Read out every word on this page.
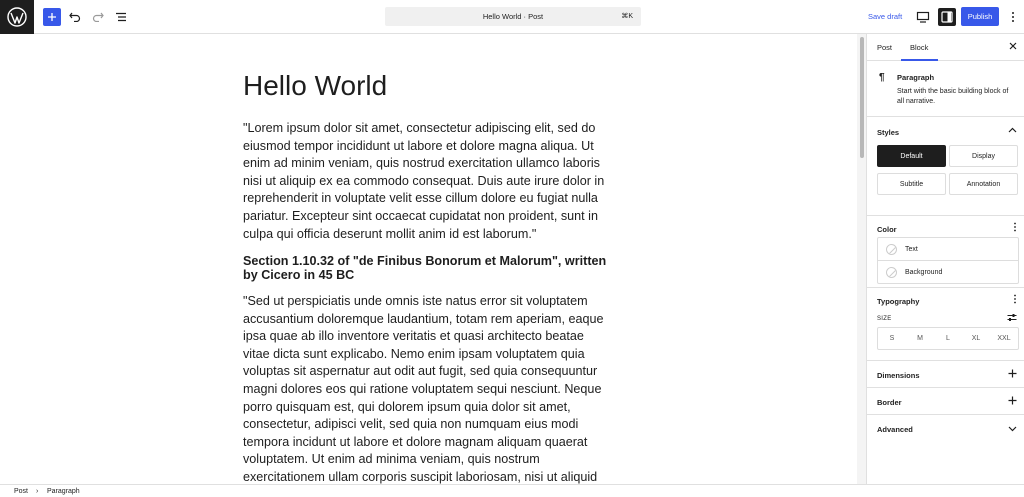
Hello World · Post	⌘K	Save draft	Publish
Hello World

"Lorem ipsum dolor sit amet, consectetur adipiscing elit, sed do eiusmod tempor incididunt ut labore et dolore magna aliqua. Ut enim ad minim veniam, quis nostrud exercitation ullamco laboris nisi ut aliquip ex ea commodo consequat. Duis aute irure dolor in reprehenderit in voluptate velit esse cillum dolore eu fugiat nulla pariatur. Excepteur sint occaecat cupidatat non proident, sunt in culpa qui officia deserunt mollit anim id est laborum."

Section 1.10.32 of "de Finibus Bonorum et Malorum", written by Cicero in 45 BC

"Sed ut perspiciatis unde omnis iste natus error sit voluptatem accusantium doloremque laudantium, totam rem aperiam, eaque ipsa quae ab illo inventore veritatis et quasi architecto beatae vitae dicta sunt explicabo. Nemo enim ipsam voluptatem quia voluptas sit aspernatur aut odit aut fugit, sed quia consequuntur magni dolores eos qui ratione voluptatem sequi nesciunt. Neque porro quisquam est, qui dolorem ipsum quia dolor sit amet, consectetur, adipisci velit, sed quia non numquam eius modi tempora incidunt ut labore et dolore magnam aliquam quaerat voluptatem. Ut enim ad minima veniam, quis nostrum exercitationem ullam corporis suscipit laboriosam, nisi ut aliquid

Post Block
¶ Paragraph
Start with the basic building block of all narrative.
Styles
Default	Display
Subtitle	Annotation
Color
Text
Background
Typography
SIZE
S	M	L	XL	XXL
Dimensions
Border
Advanced
Post › Paragraph
